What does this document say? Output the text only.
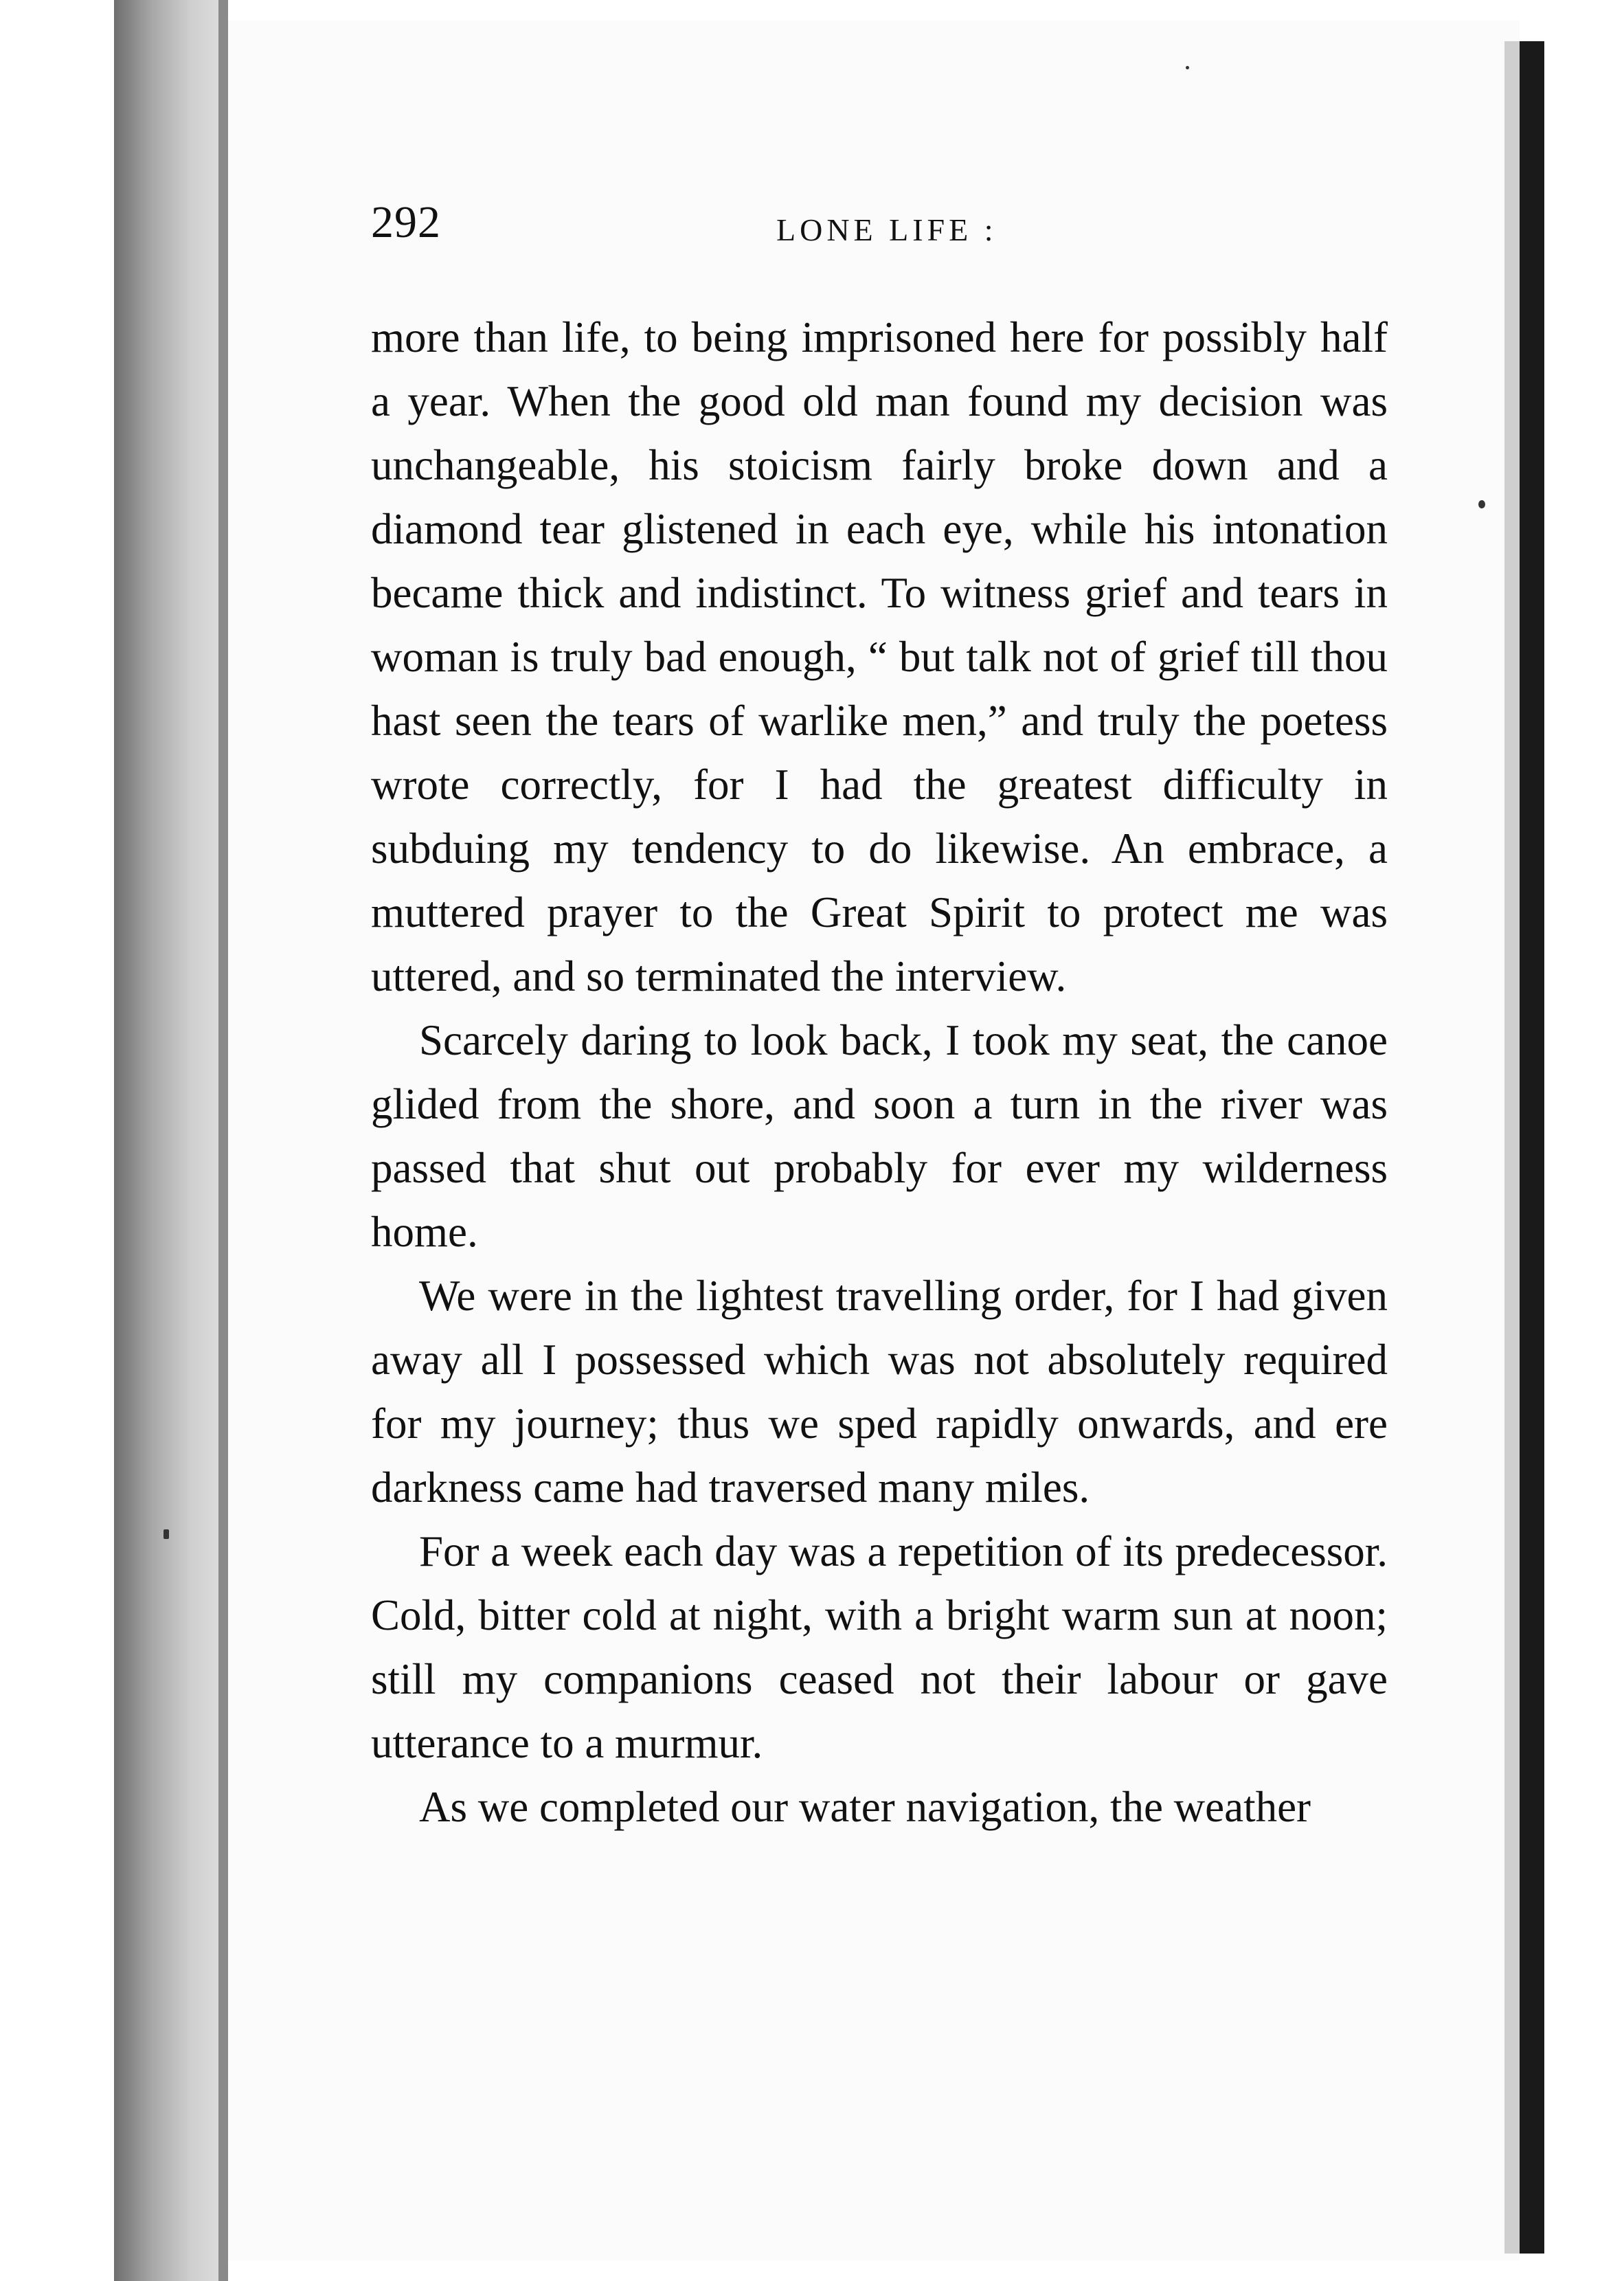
292	LONE LIFE :

more than life, to being imprisoned here for possibly half a year. When the good old man found my decision was unchangeable, his stoicism fairly broke down and a diamond tear glistened in each eye, while his intonation became thick and indistinct. To witness grief and tears in woman is truly bad enough, “ but talk not of grief till thou hast seen the tears of warlike men,” and truly the poetess wrote correctly, for I had the greatest difficulty in subduing my tendency to do likewise. An embrace, a muttered prayer to the Great Spirit to protect me was uttered, and so terminated the interview.

Scarcely daring to look back, I took my seat, the canoe glided from the shore, and soon a turn in the river was passed that shut out probably for ever my wilderness home.

We were in the lightest travelling order, for I had given away all I possessed which was not absolutely required for my journey; thus we sped rapidly onwards, and ere darkness came had traversed many miles.

For a week each day was a repetition of its predecessor. Cold, bitter cold at night, with a bright warm sun at noon; still my companions ceased not their labour or gave utterance to a murmur.

As we completed our water navigation, the weather
